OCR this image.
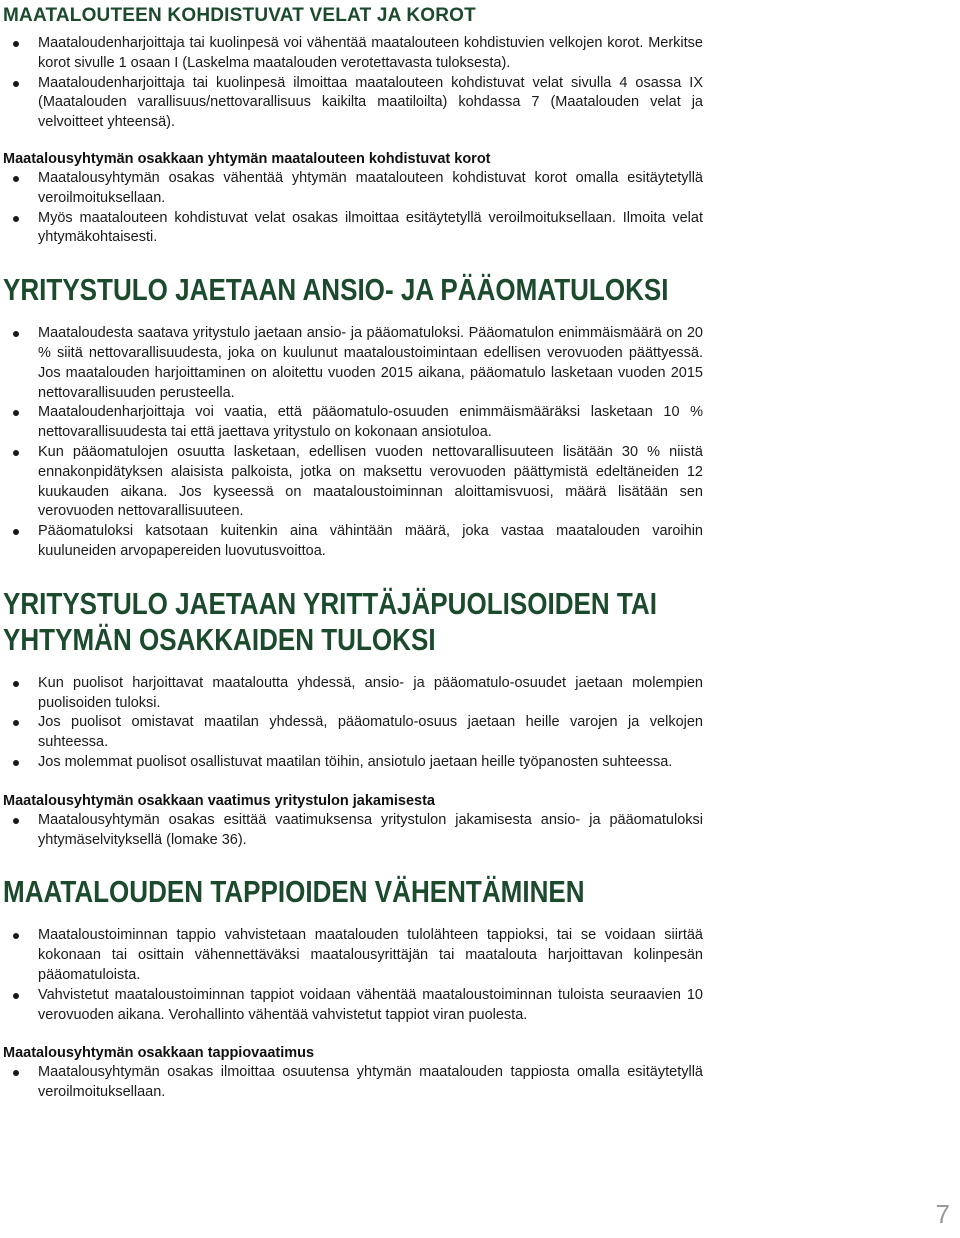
MAATALOUTEEN KOHDISTUVAT VELAT JA KOROT
Maataloudenharjoittaja tai kuolinpesä voi vähentää maatalouteen kohdistuvien velkojen korot. Merkitse korot sivulle 1 osaan I (Laskelma maatalouden verotettavasta tuloksesta).
Maataloudenharjoittaja tai kuolinpesä ilmoittaa maatalouteen kohdistuvat velat sivulla 4 osassa IX (Maatalouden varallisuus/nettovarallisuus kaikilta maatiloilta) kohdassa 7 (Maatalouden velat ja velvoitteet yhteensä).
Maatalousyhtymän osakkaan yhtymän maatalouteen kohdistuvat korot
Maatalousyhtymän osakas vähentää yhtymän maatalouteen kohdistuvat korot omalla esitäytetyllä veroilmoituksellaan.
Myös maatalouteen kohdistuvat velat osakas ilmoittaa esitäytetyllä veroilmoituksellaan. Ilmoita velat yhtymäkohtaisesti.
YRITYSTULO JAETAAN ANSIO- JA PÄÄOMATULOKSI
Maataloudesta saatava yritystulo jaetaan ansio- ja pääomatuloksi. Pääomatulon enimmäismäärä on 20 % siitä nettovarallisuudesta, joka on kuulunut maataloustoimintaan edellisen verovuoden päättyessä. Jos maatalouden harjoittaminen on aloitettu vuoden 2015 aikana, pääomatulo lasketaan vuoden 2015 nettovarallisuuden perusteella.
Maataloudenharjoittaja voi vaatia, että pääomatulo-osuuden enimmäismääräksi lasketaan 10 % nettovarallisuudesta tai että jaettava yritystulo on kokonaan ansiotuloa.
Kun pääomatulojen osuutta lasketaan, edellisen vuoden nettovarallisuuteen lisätään 30 % niistä ennakonpidätyksen alaisista palkoista, jotka on maksettu verovuoden päättymistä edeltäneiden 12 kuukauden aikana. Jos kyseessä on maataloustoiminnan aloittamisvuosi, määrä lisätään sen verovuoden nettovarallisuuteen.
Pääomatuloksi katsotaan kuitenkin aina vähintään määrä, joka vastaa maatalouden varoihin kuuluneiden arvopapereiden luovutusvoittoa.
YRITYSTULO JAETAAN YRITTÄJÄPUOLISOIDEN TAI
YHTYMÄN OSAKKAIDEN TULOKSI
Kun puolisot harjoittavat maataloutta yhdessä, ansio- ja pääomatulo-osuudet jaetaan molempien puolisoiden tuloksi.
Jos puolisot omistavat maatilan yhdessä, pääomatulo-osuus jaetaan heille varojen ja velkojen suhteessa.
Jos molemmat puolisot osallistuvat maatilan töihin, ansiotulo jaetaan heille työpanosten suhteessa.
Maatalousyhtymän osakkaan vaatimus yritystulon jakamisesta
Maatalousyhtymän osakas esittää vaatimuksensa yritystulon jakamisesta ansio- ja pääomatuloksi yhtymäselvityksellä (lomake 36).
MAATALOUDEN TAPPIOIDEN VÄHENTÄMINEN
Maataloustoiminnan tappio vahvistetaan maatalouden tulolähteen tappioksi, tai se voidaan siirtää kokonaan tai osittain vähennettäväksi maatalousyrittäjän tai maatalouta harjoittavan kolinpesän pääomatuloista.
Vahvistetut maataloustoiminnan tappiot voidaan vähentää maataloustoiminnan tuloista seuraavien 10 verovuoden aikana. Verohallinto vähentää vahvistetut tappiot viran puolesta.
Maatalousyhtymän osakkaan tappiovaatimus
Maatalousyhtymän osakas ilmoittaa osuutensa yhtymän maatalouden tappiosta omalla esitäytetyllä veroilmoituksellaan.
7
